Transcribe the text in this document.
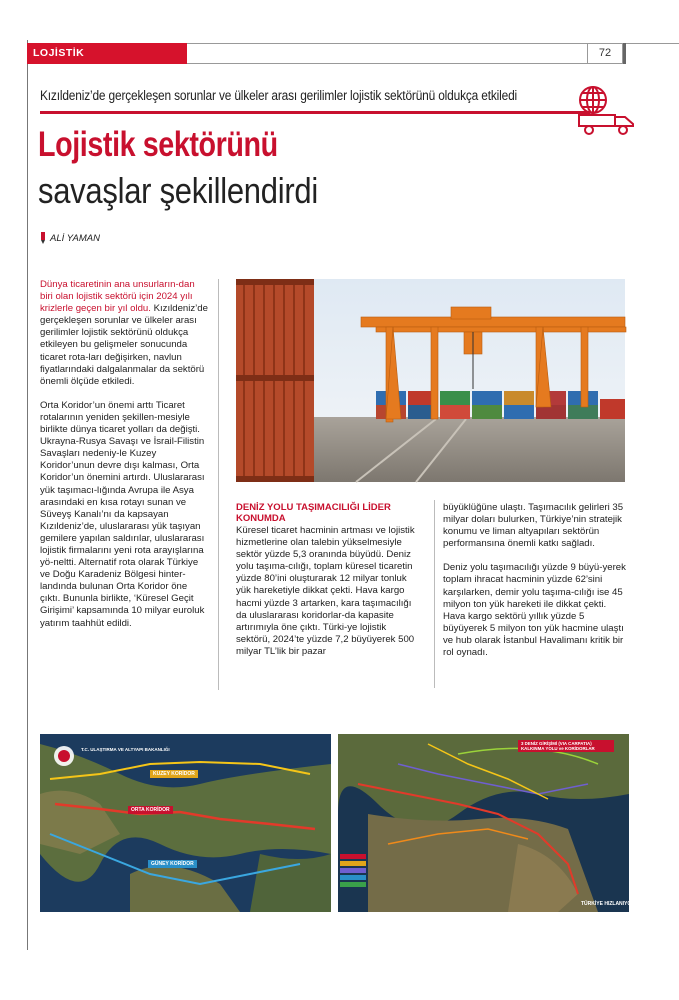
LOJİSTİK	72
Kızıldeniz’de gerçekleşen sorunlar ve ülkeler arası gerilimler lojistik sektörünü oldukça etkiledi
Lojistik sektörünü
savaşlar şekillendirdi
ALİ YAMAN

Dünya ticaretinin ana unsurların-dan biri olan lojistik sektörü için 2024 yılı krizlerle geçen bir yıl oldu. Kızıldeniz’de gerçekleşen sorunlar ve ülkeler arası gerilimler lojistik sektörünü oldukça etkileyen bu gelişmeler sonucunda ticaret rota-ları değişirken, navlun fiyatlarındaki dalgalanmalar da sektörü önemli ölçüde etkiledi.

Orta Koridor’un önemi arttı Ticaret rotalarının yeniden şekillen-mesiyle birlikte dünya ticaret yolları da değişti. Ukrayna-Rusya Savaşı ve İsrail-Filistin Savaşları nedeniy-le Kuzey Koridor’unun devre dışı kalması, Orta Koridor’un önemini artırdı. Uluslararası yük taşımacı-lığında Avrupa ile Asya arasındaki en kısa rotayı sunan ve Süveyş Kanalı’nı da kapsayan Kızıldeniz’de, uluslararası yük taşıyan gemilere yapılan saldırılar, uluslararası lojistik firmalarını yeni rota arayışlarına yö-neltti. Alternatif rota olarak Türkiye ve Doğu Karadeniz Bölgesi hinter-landında bulunan Orta Koridor öne çıktı. Bununla birlikte, ‘Küresel Geçit Girişimi’ kapsamında 10 milyar euroluk yatırım taahhüt edildi.

DENİZ YOLU TAŞIMACILIĞI LİDER KONUMDA

Küresel ticaret hacminin artması ve lojistik hizmetlerine olan talebin yükselmesiyle sektör yüzde 5,3 oranında büyüdü. Deniz yolu taşıma-cılığı, toplam küresel ticaretin yüzde 80’ini oluşturarak 12 milyar tonluk yük hareketiyle dikkat çekti. Hava kargo hacmi yüzde 3 artarken, kara taşımacılığı da uluslararası koridorlar-da kapasite artırımıyla öne çıktı. Türki-ye lojistik sektörü, 2024’te yüzde 7,2 büyüyerek 500 milyar TL’lik bir pazar

büyüklüğüne ulaştı. Taşımacılık gelirleri 35 milyar doları bulurken, Türkiye’nin stratejik konumu ve liman altyapıları sektörün performansına önemli katkı sağladı.

Deniz yolu taşımacılığı yüzde 9 büyü-yerek toplam ihracat hacminin yüzde 62’sini karşılarken, demir yolu taşıma-cılığı ise 45 milyon ton yük hareketi ile dikkat çekti. Hava kargo sektörü yıllık yüzde 5 büyüyerek 5 milyon ton yük hacmine ulaştı ve hub olarak İstanbul Havalimanı kritik bir rol oynadı.

T.C. ULAŞTIRMA VE ALTYAPI BAKANLIĞI
KUZEY KORİDOR
ORTA KORİDOR
GÜNEY KORİDOR
3 DENİZ GİRİŞİMİ (VIA CARPATIA) KALKINMA YOLU ve KORİDORLAR
TÜRKİYE HIZLANIYOR
